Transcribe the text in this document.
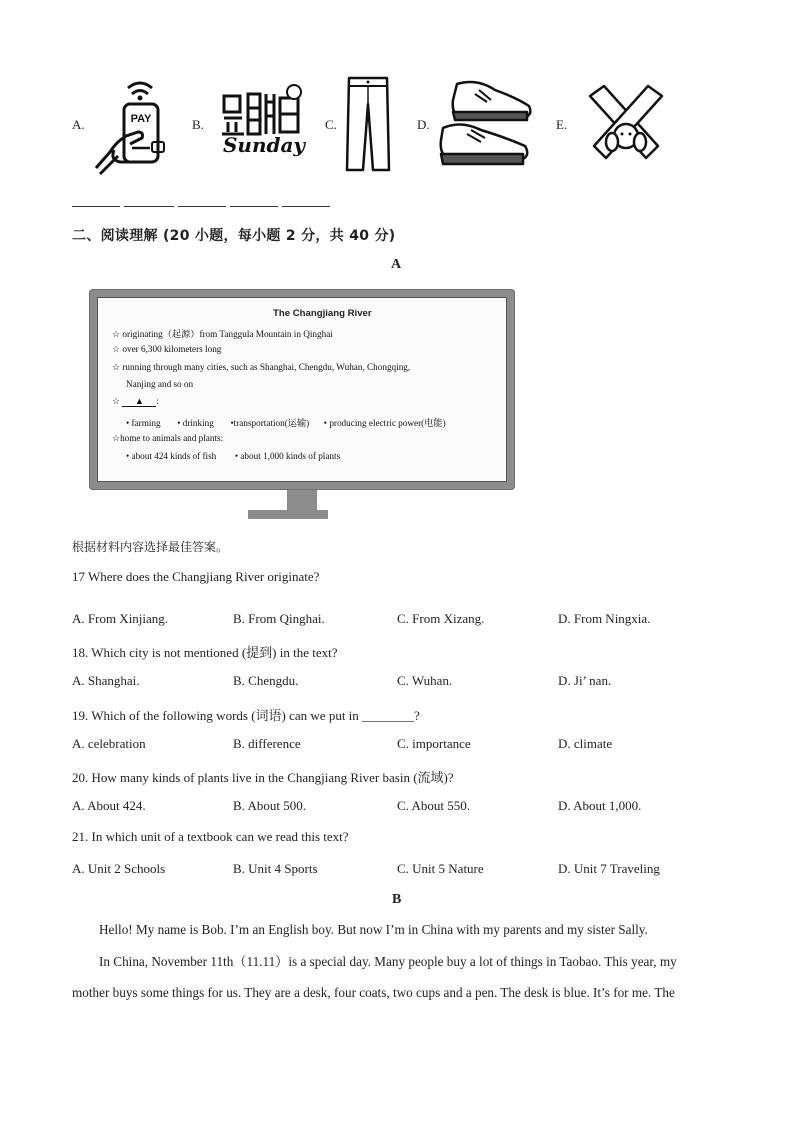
A.	PAY	B.
Sunday
C.	D.	E.
二、阅读理解 (20 小题，每小题 2 分，共 40 分)
A
The Changjiang River
☆ originating（起源）from Tanggula Mountain in Qinghai
☆ over 6,300 kilometers long
☆ running through many cities, such as Shanghai, Chengdu, Wuhan, Chongqing,
Nanjing and so on
☆ ▲ :
• farming • drinking •transportation(运输) • producing electric power(电能)
☆home to animals and plants:
• about 424 kinds of fish • about 1,000 kinds of plants
根据材料内容选择最佳答案。
17 Where does the Changjiang River originate?
A. From Xinjiang.	B. From Qinghai.	C. From Xizang.	D. From Ningxia.
18. Which city is not mentioned (提到) in the text?
A. Shanghai.	B. Chengdu.	C. Wuhan.	D. Ji’ nan.
19. Which of the following words (词语) can we put in ________?
A. celebration	B. difference	C. importance	D. climate
20. How many kinds of plants live in the Changjiang River basin (流域)?
A. About 424.	B. About 500.	C. About 550.	D. About 1,000.
21. In which unit of a textbook can we read this text?
A. Unit 2 Schools	B. Unit 4 Sports	C. Unit 5 Nature	D. Unit 7 Traveling
B
Hello! My name is Bob. I’m an English boy. But now I’m in China with my parents and my sister Sally.
In China, November 11th（11.11）is a special day. Many people buy a lot of things in Taobao. This year, my
mother buys some things for us. They are a desk, four coats, two cups and a pen. The desk is blue. It’s for me. The
